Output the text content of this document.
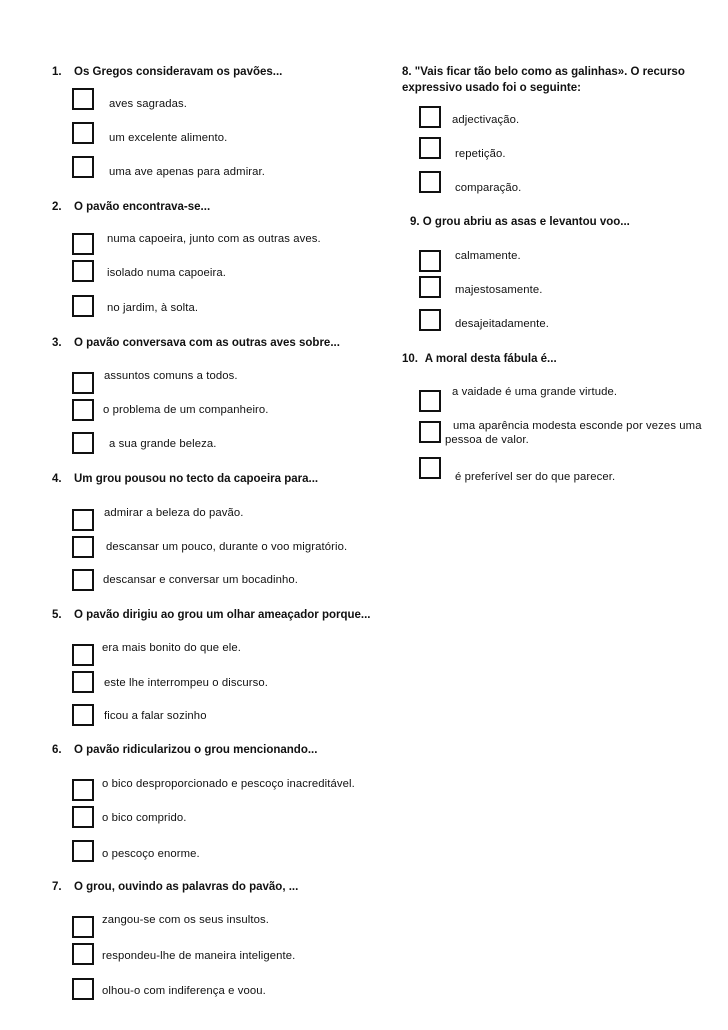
1. Os Gregos consideravam os pavões...
aves sagradas.
um excelente alimento.
uma ave apenas para admirar.
2. O pavão encontrava-se...
numa capoeira, junto com as outras aves.
isolado numa capoeira.
no jardim, à solta.
3. O pavão conversava com as outras aves sobre...
assuntos comuns a todos.
o problema de um companheiro.
a sua grande beleza.
4. Um grou pousou no tecto da capoeira para...
admirar a beleza do pavão.
descansar um pouco, durante o voo migratório.
descansar e conversar um bocadinho.
5. O pavão dirigiu ao grou um olhar ameaçador porque...
era mais bonito do que ele.
este lhe interrompeu o discurso.
ficou a falar sozinho
6. O pavão ridicularizou o grou mencionando...
o bico desproporcionado e pescoço inacreditável.
o bico comprido.
o pescoço enorme.
7. O grou, ouvindo as palavras do pavão, ...
zangou-se com os seus insultos.
respondeu-lhe de maneira inteligente.
olhou-o com indiferença e voou.
8. "Vais ficar tão belo como as galinhas». O recurso expressivo usado foi o seguinte:
adjectivação.
repetição.
comparação.
9. O grou abriu as asas e levantou voo...
calmamente.
majestosamente.
desajeitadamente.
10. A moral desta fábula é...
a vaidade é uma grande virtude.
uma aparência modesta esconde por vezes uma pessoa de valor.
é preferível ser do que parecer.
